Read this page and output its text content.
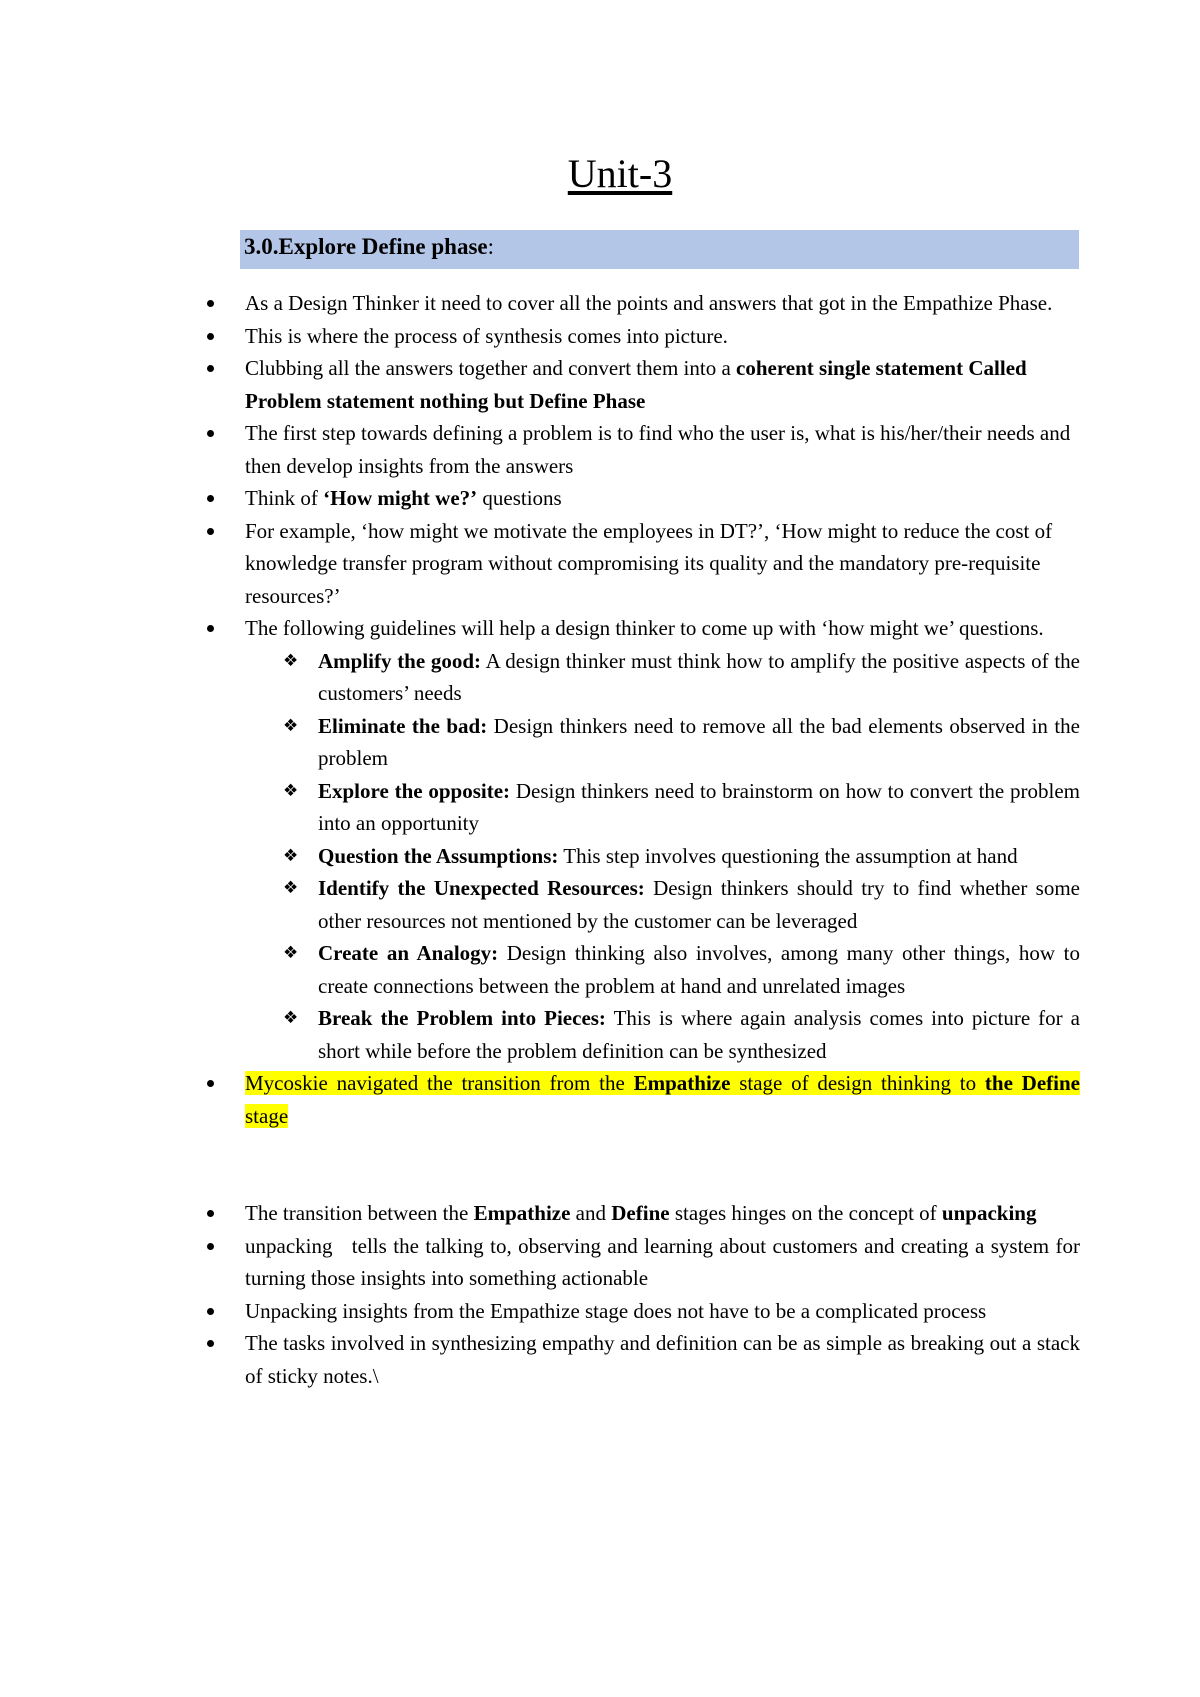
Unit-3
3.0.Explore Define phase:
As a Design Thinker it need to cover all the points and answers that got in the Empathize Phase.
This is where the process of synthesis comes into picture.
Clubbing all the answers together and convert them into a coherent single statement Called Problem statement nothing but Define Phase
The first step towards defining a problem is to find who the user is, what is his/her/their needs and then develop insights from the answers
Think of ‘How might we?’ questions
For example, ‘how might we motivate the employees in DT?’, ‘How might to reduce the cost of knowledge transfer program without compromising its quality and the mandatory pre-requisite resources?’
The following guidelines will help a design thinker to come up with ‘how might we’ questions.
❖ Amplify the good: A design thinker must think how to amplify the positive aspects of the customers’ needs
❖ Eliminate the bad: Design thinkers need to remove all the bad elements observed in the problem
❖ Explore the opposite: Design thinkers need to brainstorm on how to convert the problem into an opportunity
❖ Question the Assumptions: This step involves questioning the assumption at hand
❖ Identify the Unexpected Resources: Design thinkers should try to find whether some other resources not mentioned by the customer can be leveraged
❖ Create an Analogy: Design thinking also involves, among many other things, how to create connections between the problem at hand and unrelated images
❖ Break the Problem into Pieces: This is where again analysis comes into picture for a short while before the problem definition can be synthesized
Mycoskie navigated the transition from the Empathize stage of design thinking to the Define stage
The transition between the Empathize and Define stages hinges on the concept of unpacking
unpacking   tells the talking to, observing and learning about customers and creating a system for turning those insights into something actionable
Unpacking insights from the Empathize stage does not have to be a complicated process
The tasks involved in synthesizing empathy and definition can be as simple as breaking out a stack of sticky notes.\
